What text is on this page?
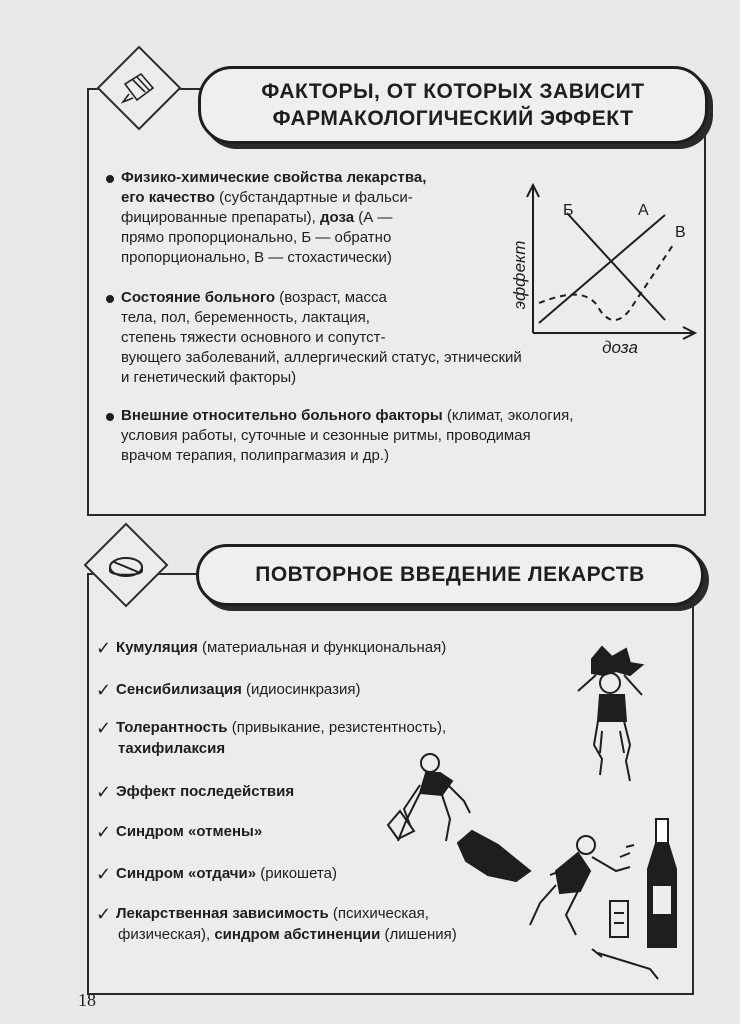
ФАКТОРЫ, ОТ КОТОРЫХ ЗАВИСИТ
ФАРМАКОЛОГИЧЕСКИЙ ЭФФЕКТ
Физико-химические свойства лекарства,
его качество (субстандартные и фальси-
фицированные препараты), доза (А —
прямо пропорционально, Б — обратно
пропорционально, В — стохастически)
Состояние больного (возраст, масса
тела, пол, беременность, лактация,
степень тяжести основного и сопутст-
вующего заболеваний, аллергический статус, этнический
и генетический факторы)
Внешние относительно больного факторы (климат, экология,
условия работы, суточные и сезонные ритмы, проводимая
врачом терапия, полипрагмазия и др.)
эффект
доза
Б	А
В
ПОВТОРНОЕ ВВЕДЕНИЕ ЛЕКАРСТВ
✓ Кумуляция (материальная и функциональная)
✓ Сенсибилизация (идиосинкразия)
✓ Толерантность (привыкание, резистентность),
тахифилаксия
✓ Эффект последействия
✓ Синдром «отмены»
✓ Синдром «отдачи» (рикошета)
✓ Лекарственная зависимость (психическая,
физическая), синдром абстиненции (лишения)
18
